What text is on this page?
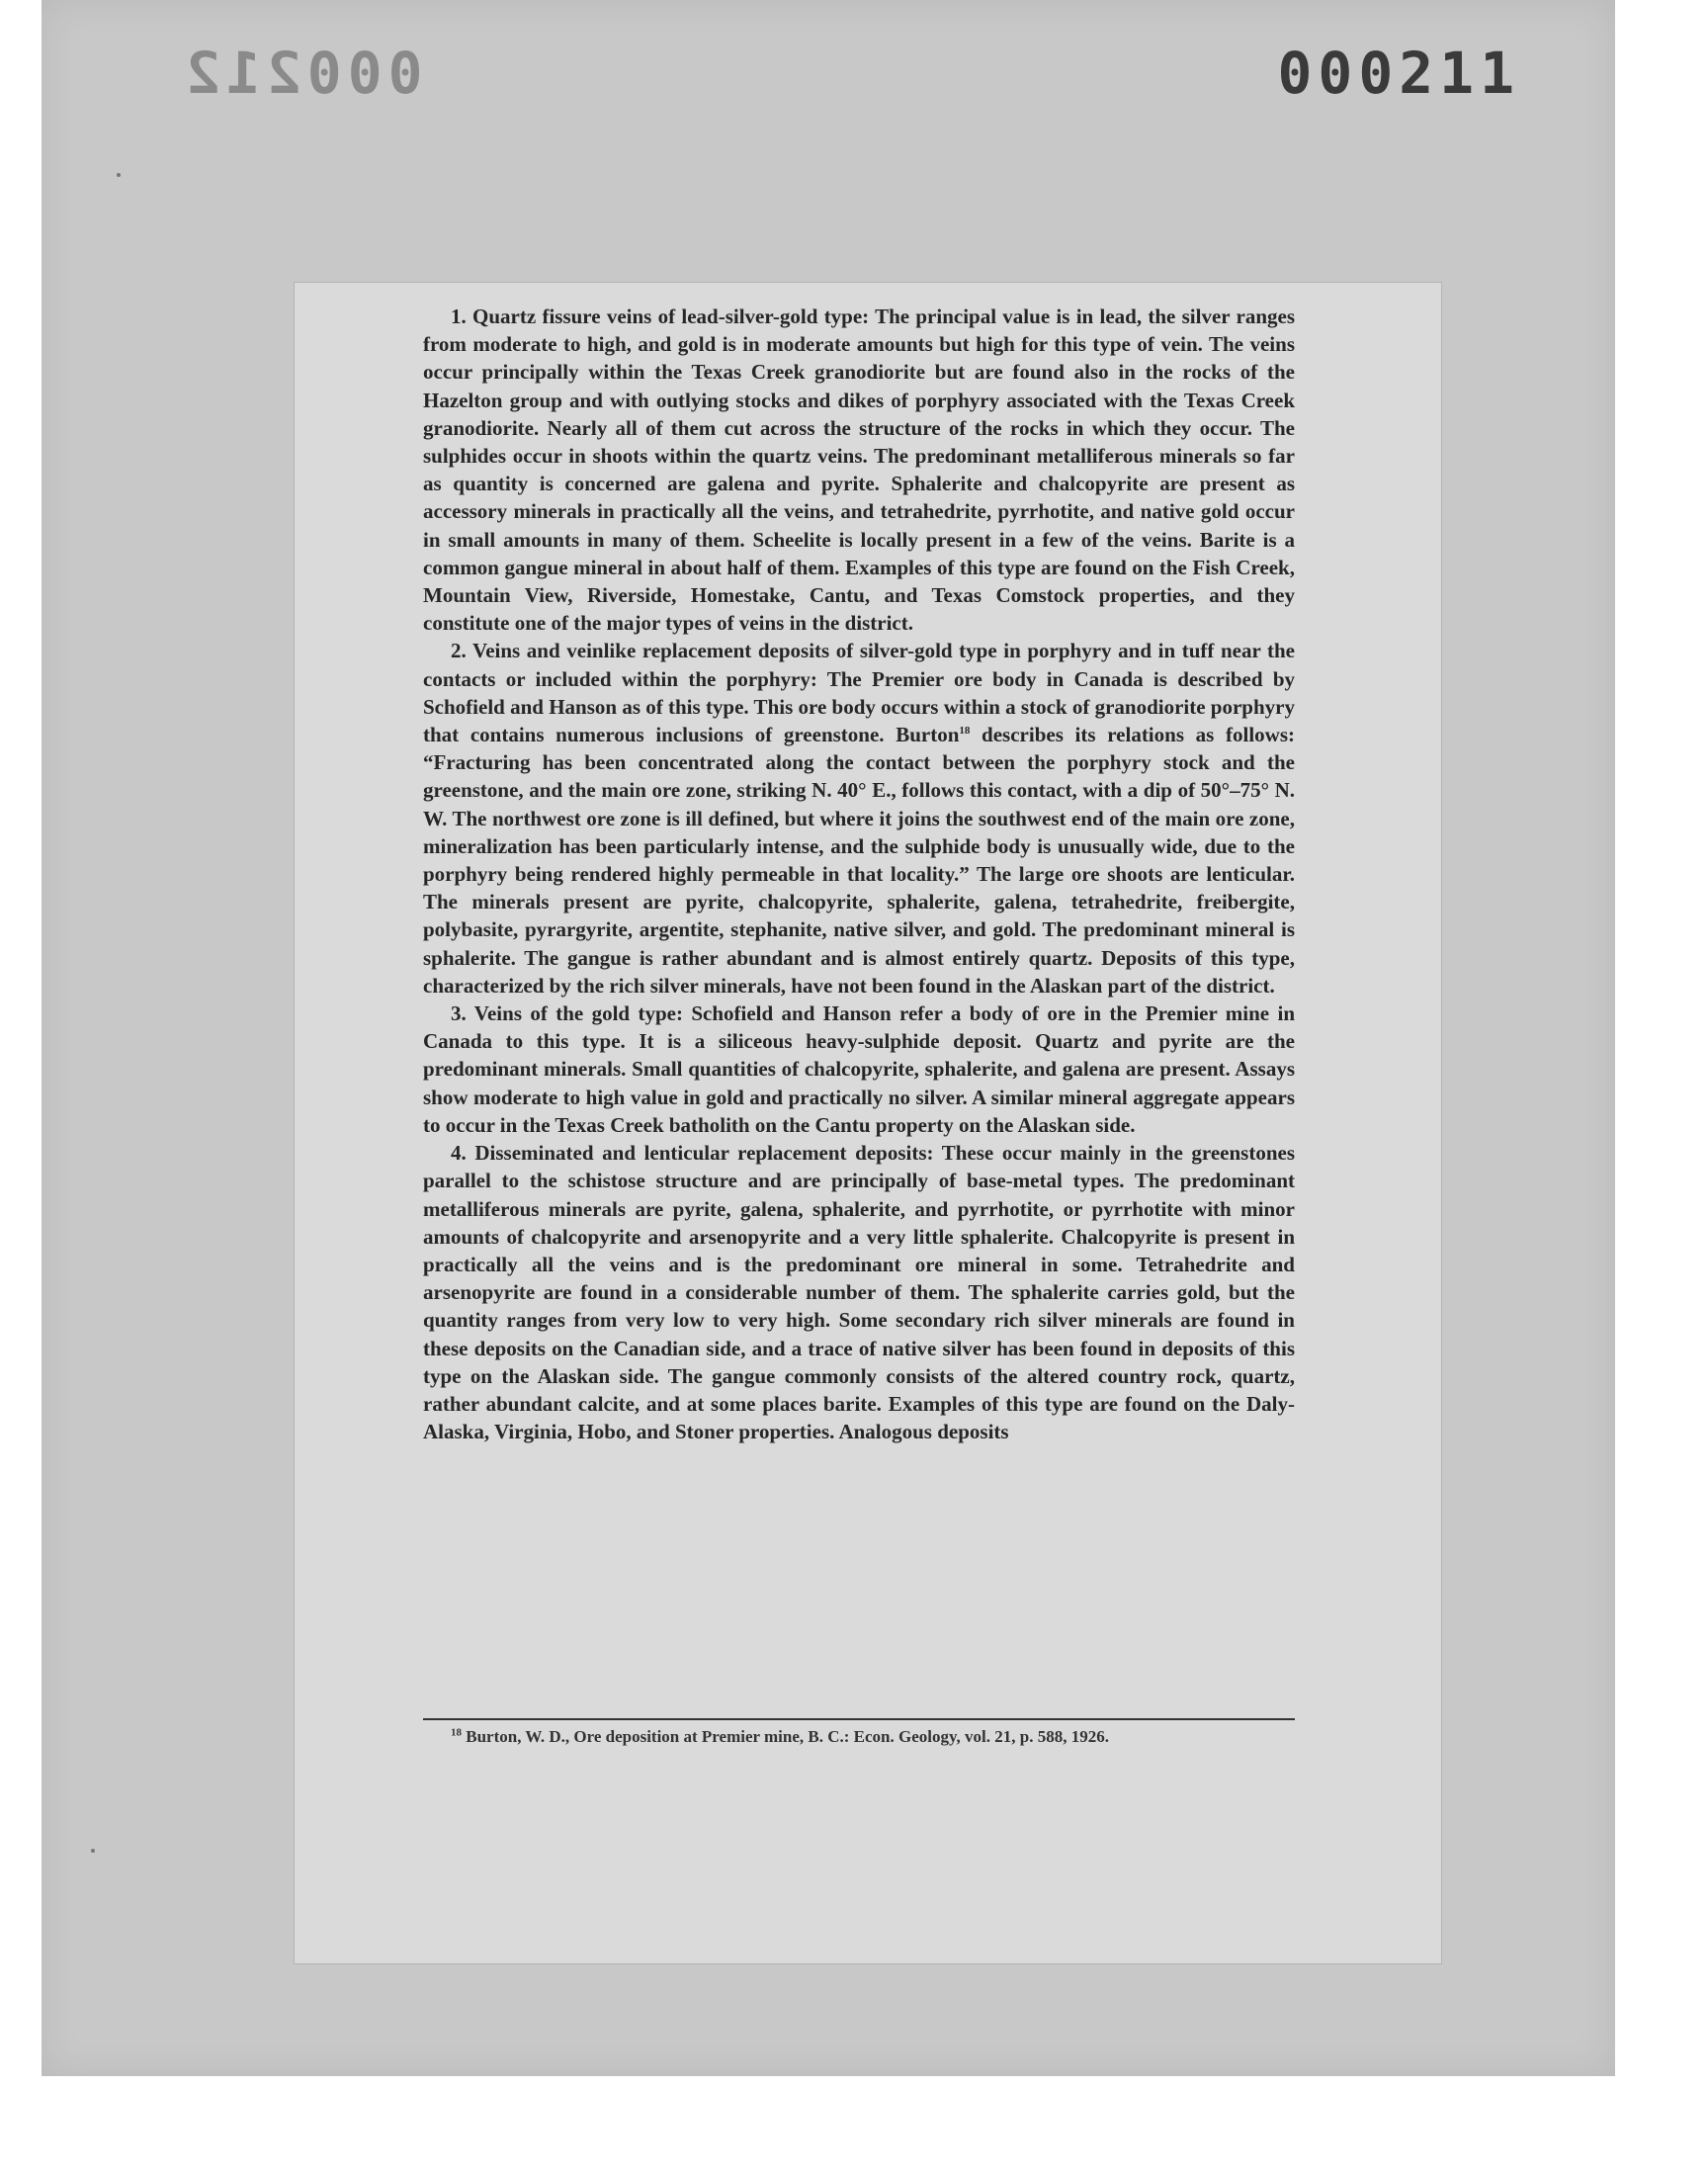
000212	000211

1. Quartz fissure veins of lead-silver-gold type: The principal value is in lead, the silver ranges from moderate to high, and gold is in moderate amounts but high for this type of vein. The veins occur principally within the Texas Creek granodiorite but are found also in the rocks of the Hazelton group and with outlying stocks and dikes of porphyry associated with the Texas Creek granodiorite. Nearly all of them cut across the structure of the rocks in which they occur. The sulphides occur in shoots within the quartz veins. The predominant metalliferous minerals so far as quantity is concerned are galena and pyrite. Sphalerite and chalcopyrite are present as accessory minerals in practically all the veins, and tetrahedrite, pyrrhotite, and native gold occur in small amounts in many of them. Scheelite is locally present in a few of the veins. Barite is a common gangue mineral in about half of them. Examples of this type are found on the Fish Creek, Mountain View, Riverside, Homestake, Cantu, and Texas Comstock properties, and they constitute one of the major types of veins in the district.

2. Veins and veinlike replacement deposits of silver-gold type in porphyry and in tuff near the contacts or included within the porphyry: The Premier ore body in Canada is described by Schofield and Hanson as of this type. This ore body occurs within a stock of granodiorite porphyry that contains numerous inclusions of greenstone. Burton$^{18}$ describes its relations as follows: “Fracturing has been concentrated along the contact between the porphyry stock and the greenstone, and the main ore zone, striking N. 40° E., follows this contact, with a dip of 50°–75° N. W. The northwest ore zone is ill defined, but where it joins the southwest end of the main ore zone, mineralization has been particularly intense, and the sulphide body is unusually wide, due to the porphyry being rendered highly permeable in that locality.” The large ore shoots are lenticular. The minerals present are pyrite, chalcopyrite, sphalerite, galena, tetrahedrite, freibergite, polybasite, pyrargyrite, argentite, stephanite, native silver, and gold. The predominant mineral is sphalerite. The gangue is rather abundant and is almost entirely quartz. Deposits of this type, characterized by the rich silver minerals, have not been found in the Alaskan part of the district.

3. Veins of the gold type: Schofield and Hanson refer a body of ore in the Premier mine in Canada to this type. It is a siliceous heavy-sulphide deposit. Quartz and pyrite are the predominant minerals. Small quantities of chalcopyrite, sphalerite, and galena are present. Assays show moderate to high value in gold and practically no silver. A similar mineral aggregate appears to occur in the Texas Creek batholith on the Cantu property on the Alaskan side.

4. Disseminated and lenticular replacement deposits: These occur mainly in the greenstones parallel to the schistose structure and are principally of base-metal types. The predominant metalliferous minerals are pyrite, galena, sphalerite, and pyrrhotite, or pyrrhotite with minor amounts of chalcopyrite and arsenopyrite and a very little sphalerite. Chalcopyrite is present in practically all the veins and is the predominant ore mineral in some. Tetrahedrite and arsenopyrite are found in a considerable number of them. The sphalerite carries gold, but the quantity ranges from very low to very high. Some secondary rich silver minerals are found in these deposits on the Canadian side, and a trace of native silver has been found in deposits of this type on the Alaskan side. The gangue commonly consists of the altered country rock, quartz, rather abundant calcite, and at some places barite. Examples of this type are found on the Daly-Alaska, Virginia, Hobo, and Stoner properties. Analogous deposits

$^{18}$ Burton, W. D., Ore deposition at Premier mine, B. C.: Econ. Geology, vol. 21, p. 588, 1926.
